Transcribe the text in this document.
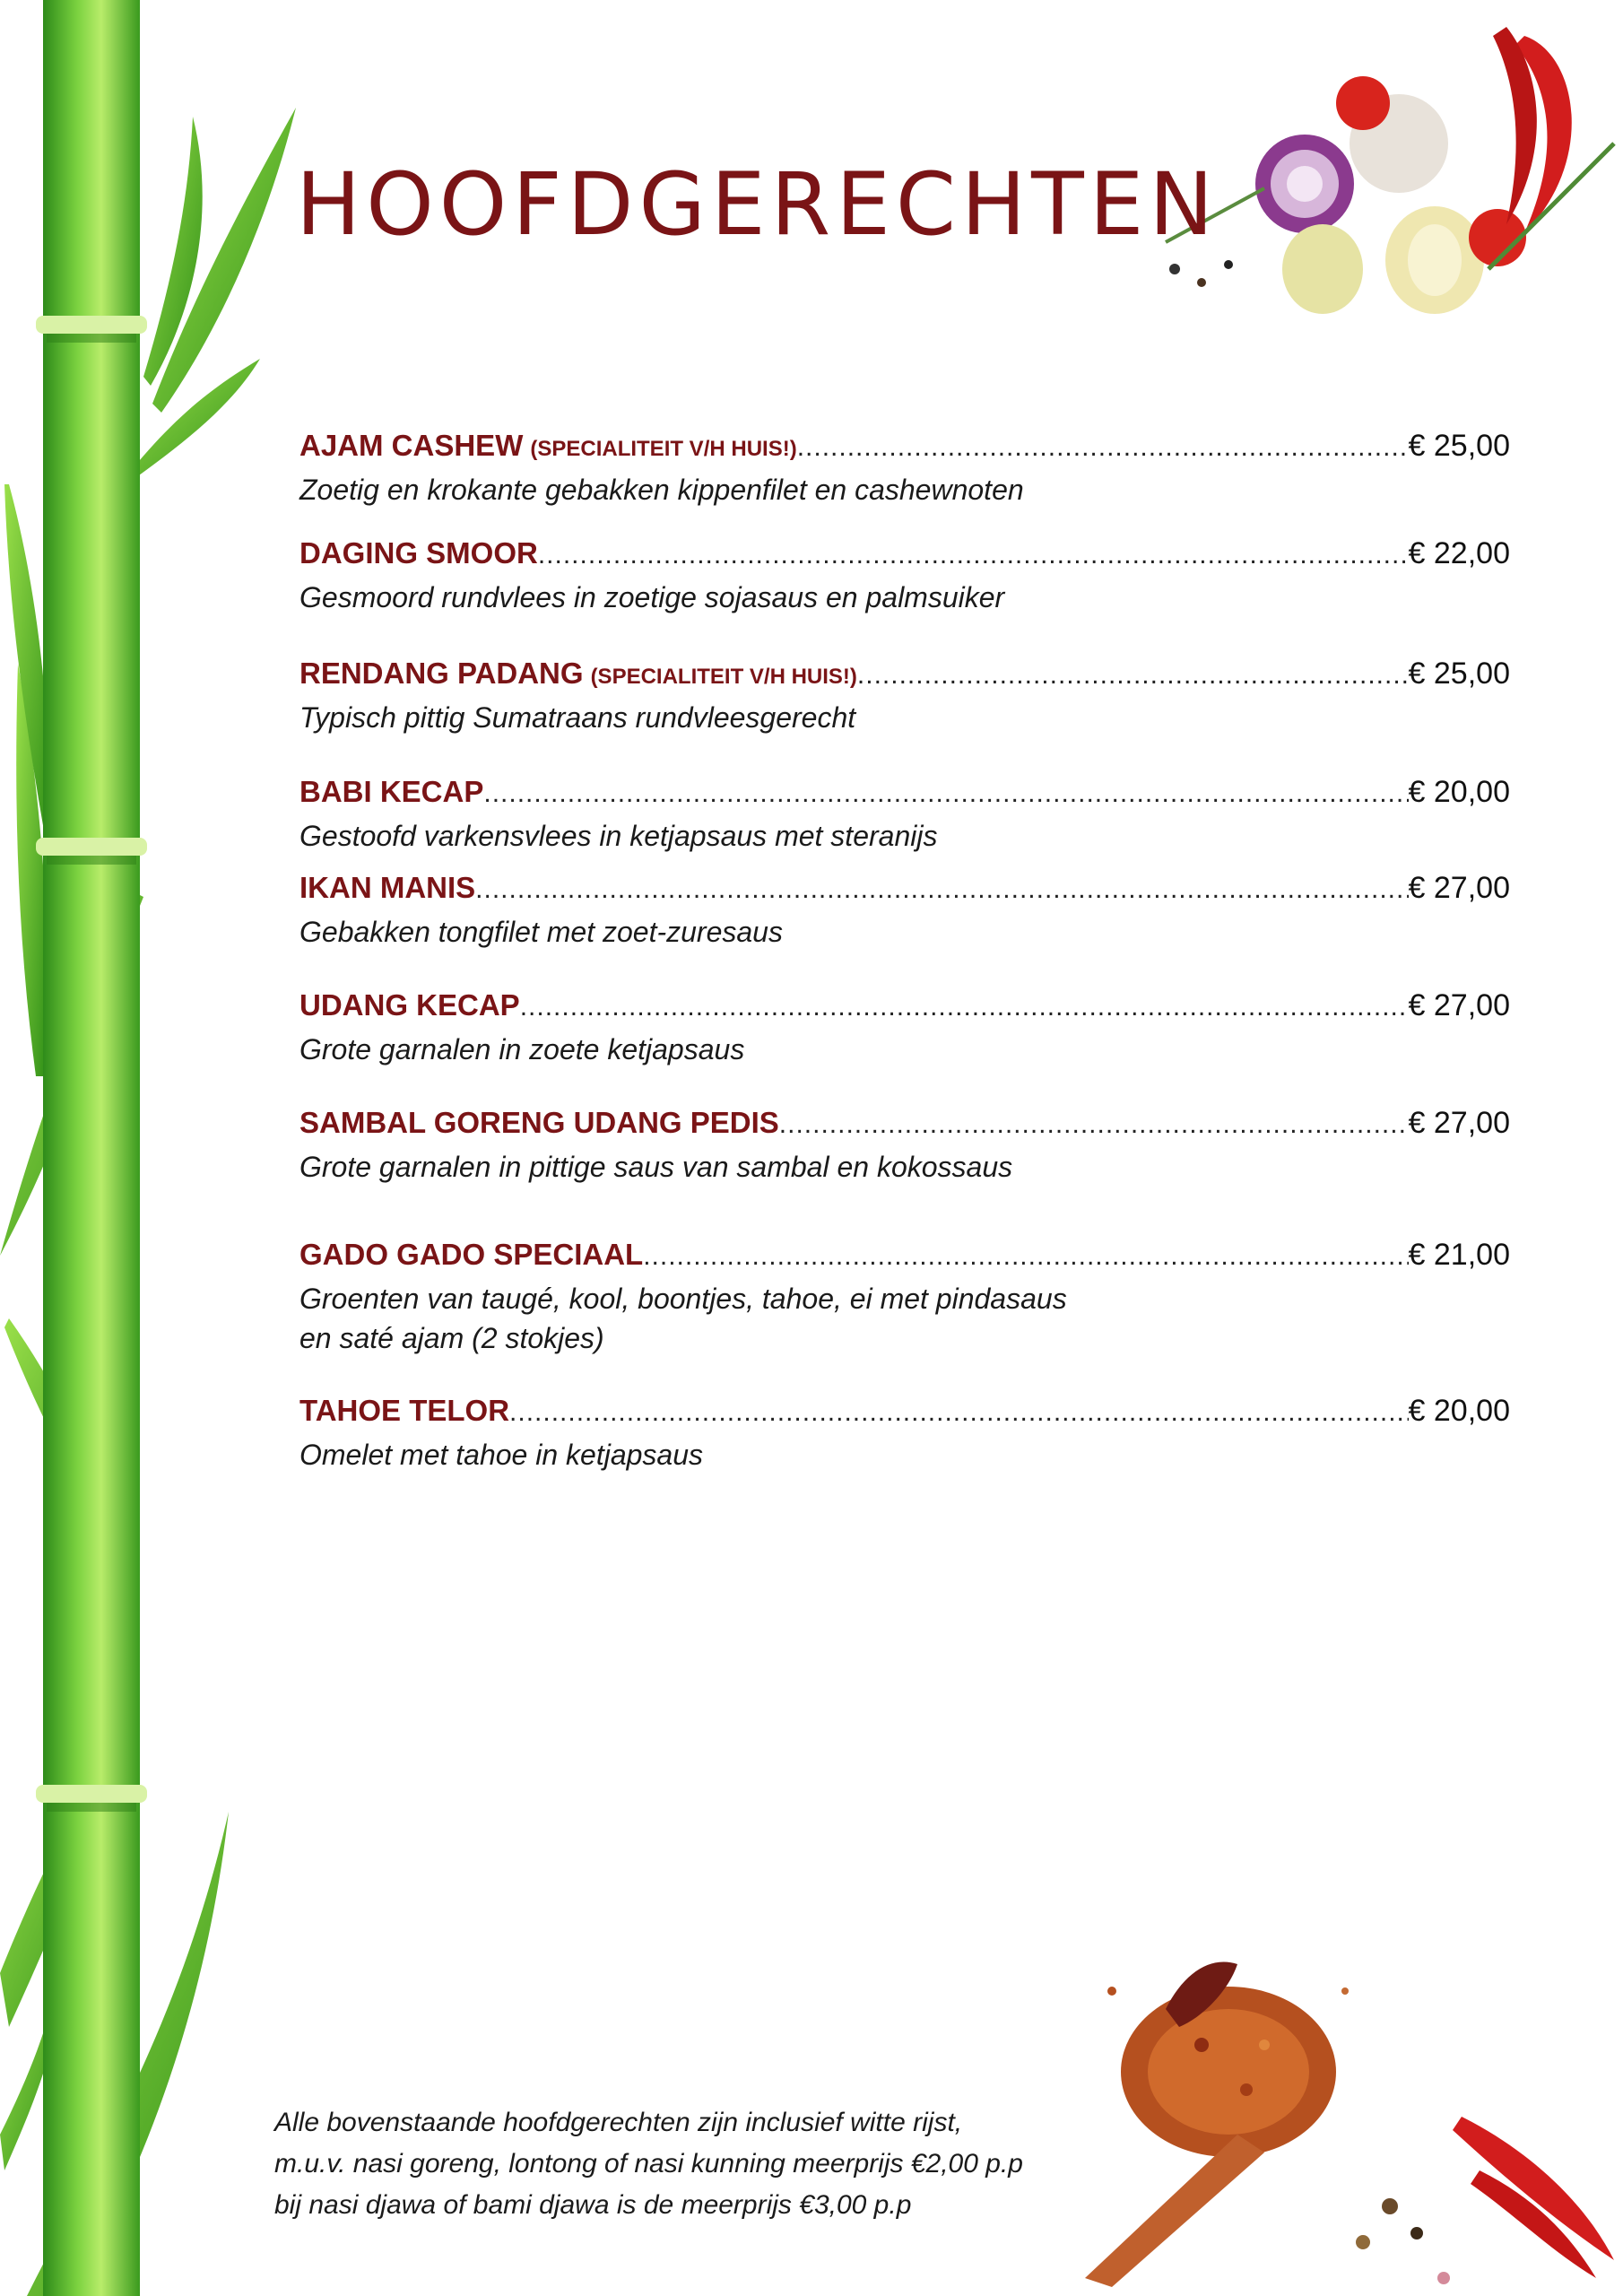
HOOFDGERECHTEN
AJAM CASHEW (SPECIALITEIT V/H HUIS!) .....	€ 25,00
Zoetig en krokante gebakken kippenfilet en cashewnoten
DAGING SMOOR .....	€ 22,00
Gesmoord rundvlees in zoetige sojasaus en palmsuiker
RENDANG PADANG (SPECIALITEIT V/H HUIS!) .....	€ 25,00
Typisch pittig Sumatraans rundvleesgerecht
BABI KECAP .....	€ 20,00
Gestoofd varkensvlees in ketjapsaus met steranijs
IKAN MANIS .....	€ 27,00
Gebakken tongfilet met zoet-zuresaus
UDANG KECAP .....	€ 27,00
Grote garnalen in zoete ketjapsaus
SAMBAL GORENG UDANG PEDIS .....	€ 27,00
Grote garnalen in pittige saus van sambal en kokossaus
GADO GADO SPECIAAL .....	€ 21,00
Groenten van taugé, kool, boontjes, tahoe, ei met pindasaus
en saté ajam (2 stokjes)
TAHOE TELOR .....	€ 20,00
Omelet met tahoe in ketjapsaus
Alle bovenstaande hoofdgerechten zijn inclusief witte rijst,
m.u.v. nasi goreng, lontong of nasi kunning meerprijs €2,00 p.p
bij nasi djawa of bami djawa is de meerprijs €3,00 p.p
